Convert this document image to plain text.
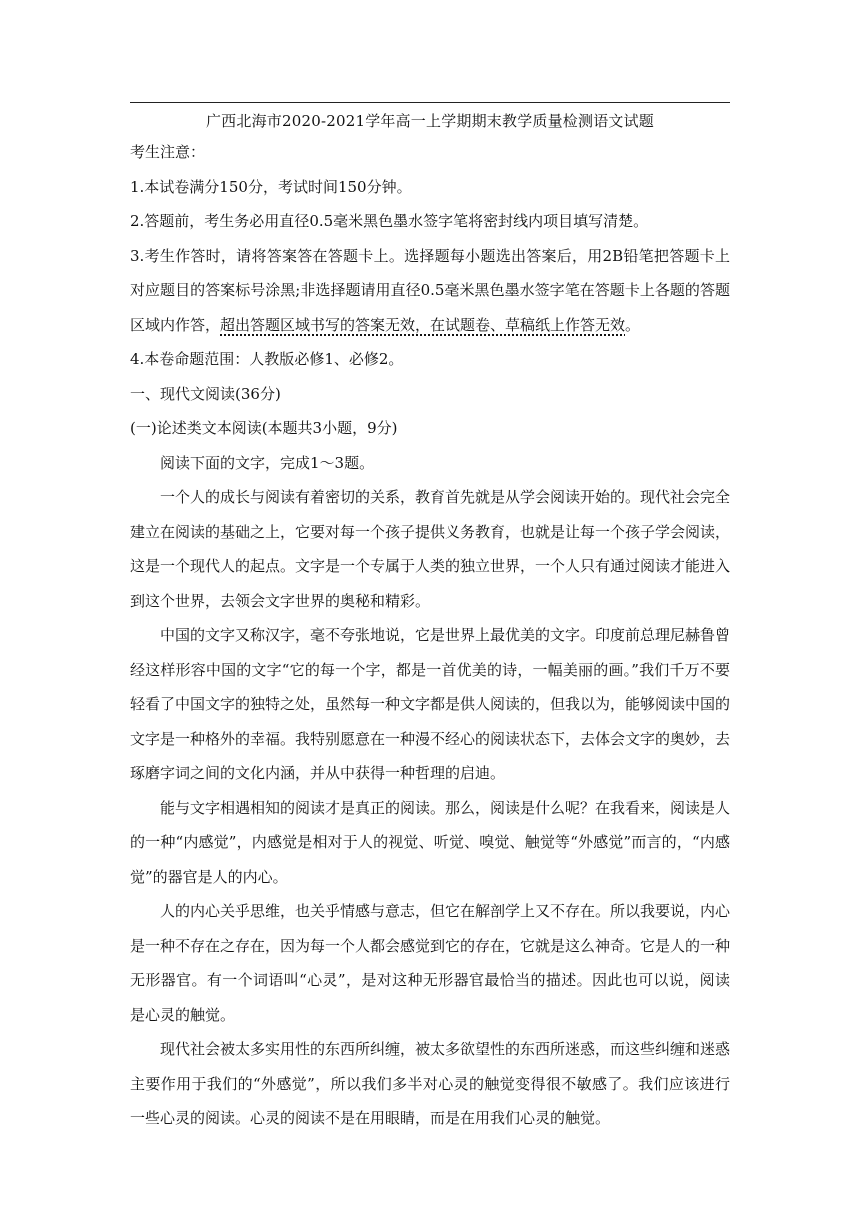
广西北海市2020-2021学年高一上学期期末教学质量检测语文试题
考生注意：
1.本试卷满分150分，考试时间150分钟。
2.答题前，考生务必用直径0.5毫米黑色墨水签字笔将密封线内项目填写清楚。
3.考生作答时，请将答案答在答题卡上。选择题每小题选出答案后，用2B铅笔把答题卡上对应题目的答案标号涂黑;非选择题请用直径0.5毫米黑色墨水签字笔在答题卡上各题的答题区域内作答，超出答题区域书写的答案无效，在试题卷、草稿纸上作答无效。
4.本卷命题范围：人教版必修1、必修2。
一、现代文阅读(36分)
(一)论述类文本阅读(本题共3小题，9分)
阅读下面的文字，完成1～3题。
一个人的成长与阅读有着密切的关系，教育首先就是从学会阅读开始的。现代社会完全建立在阅读的基础之上，它要对每一个孩子提供义务教育，也就是让每一个孩子学会阅读，这是一个现代人的起点。文字是一个专属于人类的独立世界，一个人只有通过阅读才能进入到这个世界，去领会文字世界的奥秘和精彩。
中国的文字又称汉字，毫不夸张地说，它是世界上最优美的文字。印度前总理尼赫鲁曾经这样形容中国的文字“它的每一个字，都是一首优美的诗，一幅美丽的画。”我们千万不要轻看了中国文字的独特之处，虽然每一种文字都是供人阅读的，但我以为，能够阅读中国的文字是一种格外的幸福。我特别愿意在一种漫不经心的阅读状态下，去体会文字的奥妙，去琢磨字词之间的文化内涵，并从中获得一种哲理的启迪。
能与文字相遇相知的阅读才是真正的阅读。那么，阅读是什么呢？在我看来，阅读是人的一种“内感觉”，内感觉是相对于人的视觉、听觉、嗅觉、触觉等“外感觉”而言的，“内感觉”的器官是人的内心。
人的内心关乎思维，也关乎情感与意志，但它在解剖学上又不存在。所以我要说，内心是一种不存在之存在，因为每一个人都会感觉到它的存在，它就是这么神奇。它是人的一种无形器官。有一个词语叫“心灵”，是对这种无形器官最恰当的描述。因此也可以说，阅读是心灵的触觉。
现代社会被太多实用性的东西所纠缠，被太多欲望性的东西所迷惑，而这些纠缠和迷惑主要作用于我们的“外感觉”，所以我们多半对心灵的触觉变得很不敏感了。我们应该进行一些心灵的阅读。心灵的阅读不是在用眼睛，而是在用我们心灵的触觉。
